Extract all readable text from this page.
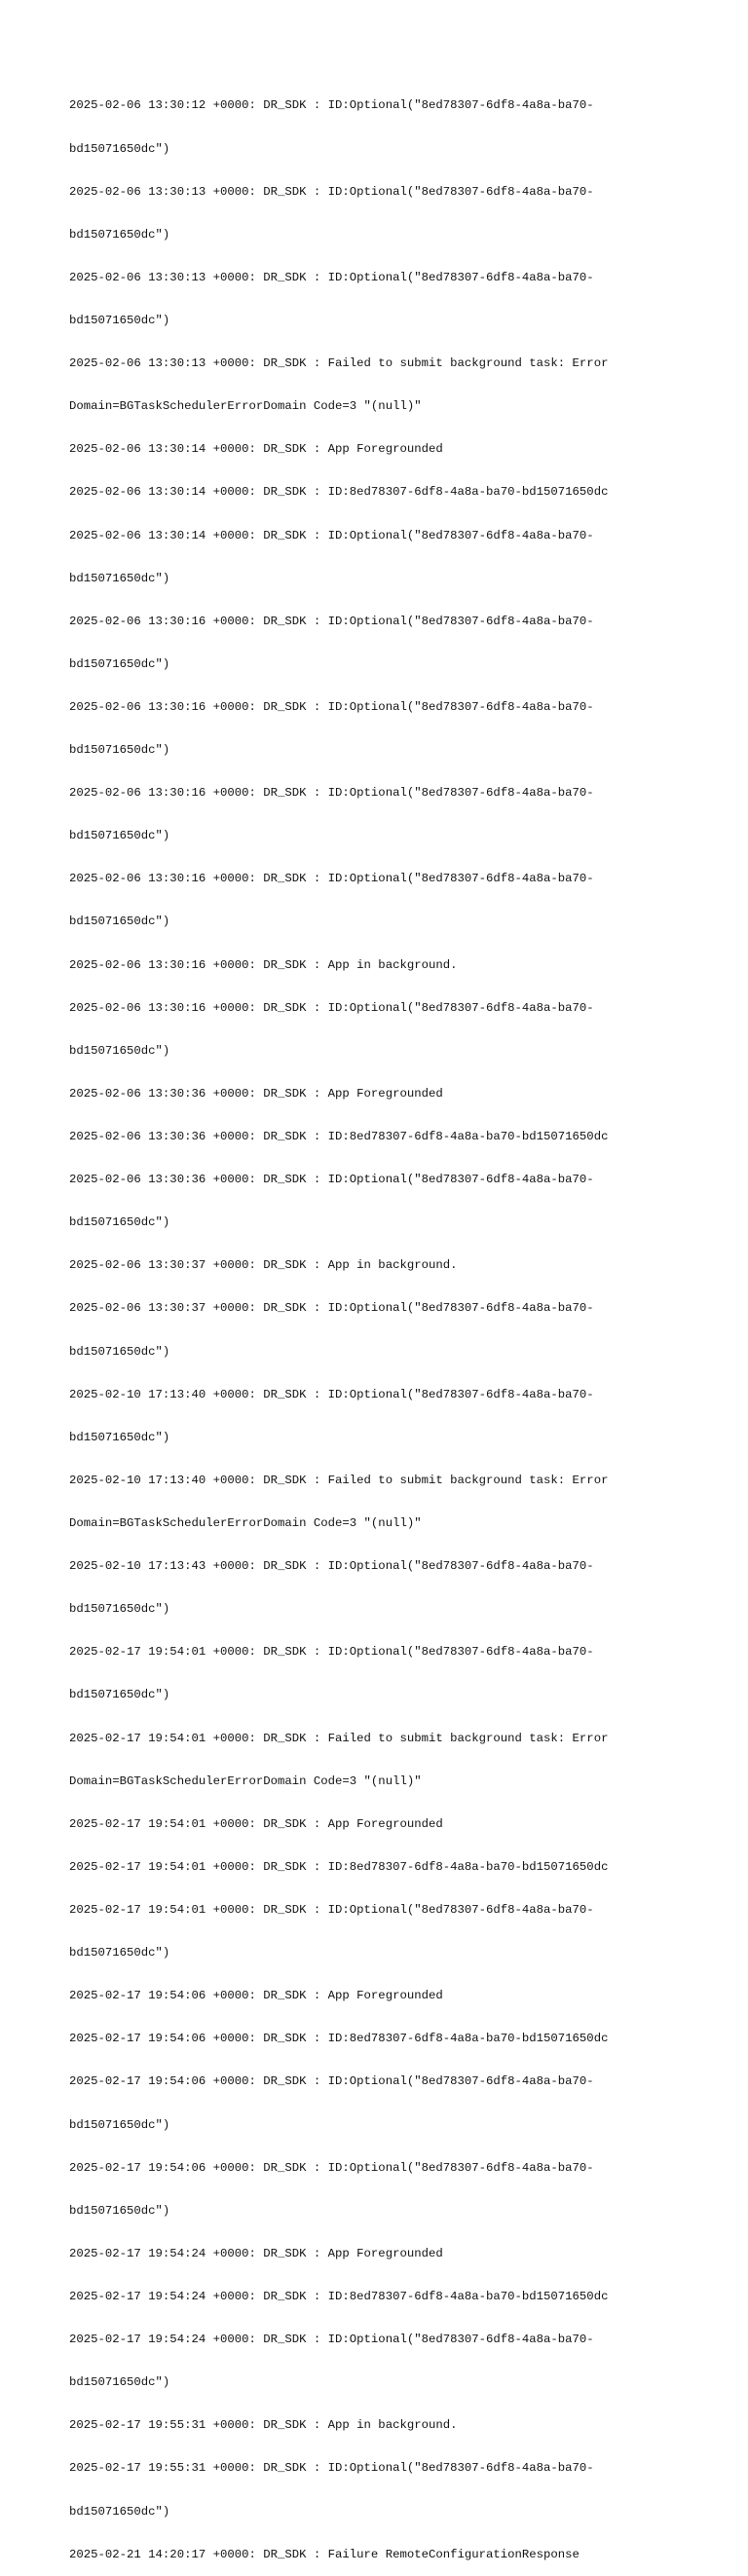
2025-02-06 13:30:12 +0000: DR_SDK : ID:Optional("8ed78307-6df8-4a8a-ba70-

bd15071650dc")

2025-02-06 13:30:13 +0000: DR_SDK : ID:Optional("8ed78307-6df8-4a8a-ba70-

bd15071650dc")

2025-02-06 13:30:13 +0000: DR_SDK : ID:Optional("8ed78307-6df8-4a8a-ba70-

bd15071650dc")

2025-02-06 13:30:13 +0000: DR_SDK : Failed to submit background task: Error

Domain=BGTaskSchedulerErrorDomain Code=3 "(null)"

2025-02-06 13:30:14 +0000: DR_SDK : App Foregrounded

2025-02-06 13:30:14 +0000: DR_SDK : ID:8ed78307-6df8-4a8a-ba70-bd15071650dc

2025-02-06 13:30:14 +0000: DR_SDK : ID:Optional("8ed78307-6df8-4a8a-ba70-

bd15071650dc")

2025-02-06 13:30:16 +0000: DR_SDK : ID:Optional("8ed78307-6df8-4a8a-ba70-

bd15071650dc")

2025-02-06 13:30:16 +0000: DR_SDK : ID:Optional("8ed78307-6df8-4a8a-ba70-

bd15071650dc")

2025-02-06 13:30:16 +0000: DR_SDK : ID:Optional("8ed78307-6df8-4a8a-ba70-

bd15071650dc")

2025-02-06 13:30:16 +0000: DR_SDK : ID:Optional("8ed78307-6df8-4a8a-ba70-

bd15071650dc")

2025-02-06 13:30:16 +0000: DR_SDK : App in background.

2025-02-06 13:30:16 +0000: DR_SDK : ID:Optional("8ed78307-6df8-4a8a-ba70-

bd15071650dc")

2025-02-06 13:30:36 +0000: DR_SDK : App Foregrounded

2025-02-06 13:30:36 +0000: DR_SDK : ID:8ed78307-6df8-4a8a-ba70-bd15071650dc

2025-02-06 13:30:36 +0000: DR_SDK : ID:Optional("8ed78307-6df8-4a8a-ba70-

bd15071650dc")

2025-02-06 13:30:37 +0000: DR_SDK : App in background.

2025-02-06 13:30:37 +0000: DR_SDK : ID:Optional("8ed78307-6df8-4a8a-ba70-

bd15071650dc")

2025-02-10 17:13:40 +0000: DR_SDK : ID:Optional("8ed78307-6df8-4a8a-ba70-

bd15071650dc")

2025-02-10 17:13:40 +0000: DR_SDK : Failed to submit background task: Error

Domain=BGTaskSchedulerErrorDomain Code=3 "(null)"

2025-02-10 17:13:43 +0000: DR_SDK : ID:Optional("8ed78307-6df8-4a8a-ba70-

bd15071650dc")

2025-02-17 19:54:01 +0000: DR_SDK : ID:Optional("8ed78307-6df8-4a8a-ba70-

bd15071650dc")

2025-02-17 19:54:01 +0000: DR_SDK : Failed to submit background task: Error

Domain=BGTaskSchedulerErrorDomain Code=3 "(null)"

2025-02-17 19:54:01 +0000: DR_SDK : App Foregrounded

2025-02-17 19:54:01 +0000: DR_SDK : ID:8ed78307-6df8-4a8a-ba70-bd15071650dc

2025-02-17 19:54:01 +0000: DR_SDK : ID:Optional("8ed78307-6df8-4a8a-ba70-

bd15071650dc")

2025-02-17 19:54:06 +0000: DR_SDK : App Foregrounded

2025-02-17 19:54:06 +0000: DR_SDK : ID:8ed78307-6df8-4a8a-ba70-bd15071650dc

2025-02-17 19:54:06 +0000: DR_SDK : ID:Optional("8ed78307-6df8-4a8a-ba70-

bd15071650dc")

2025-02-17 19:54:06 +0000: DR_SDK : ID:Optional("8ed78307-6df8-4a8a-ba70-

bd15071650dc")

2025-02-17 19:54:24 +0000: DR_SDK : App Foregrounded

2025-02-17 19:54:24 +0000: DR_SDK : ID:8ed78307-6df8-4a8a-ba70-bd15071650dc

2025-02-17 19:54:24 +0000: DR_SDK : ID:Optional("8ed78307-6df8-4a8a-ba70-

bd15071650dc")

2025-02-17 19:55:31 +0000: DR_SDK : App in background.

2025-02-17 19:55:31 +0000: DR_SDK : ID:Optional("8ed78307-6df8-4a8a-ba70-

bd15071650dc")

2025-02-21 14:20:17 +0000: DR_SDK : Failure RemoteConfigurationResponse
